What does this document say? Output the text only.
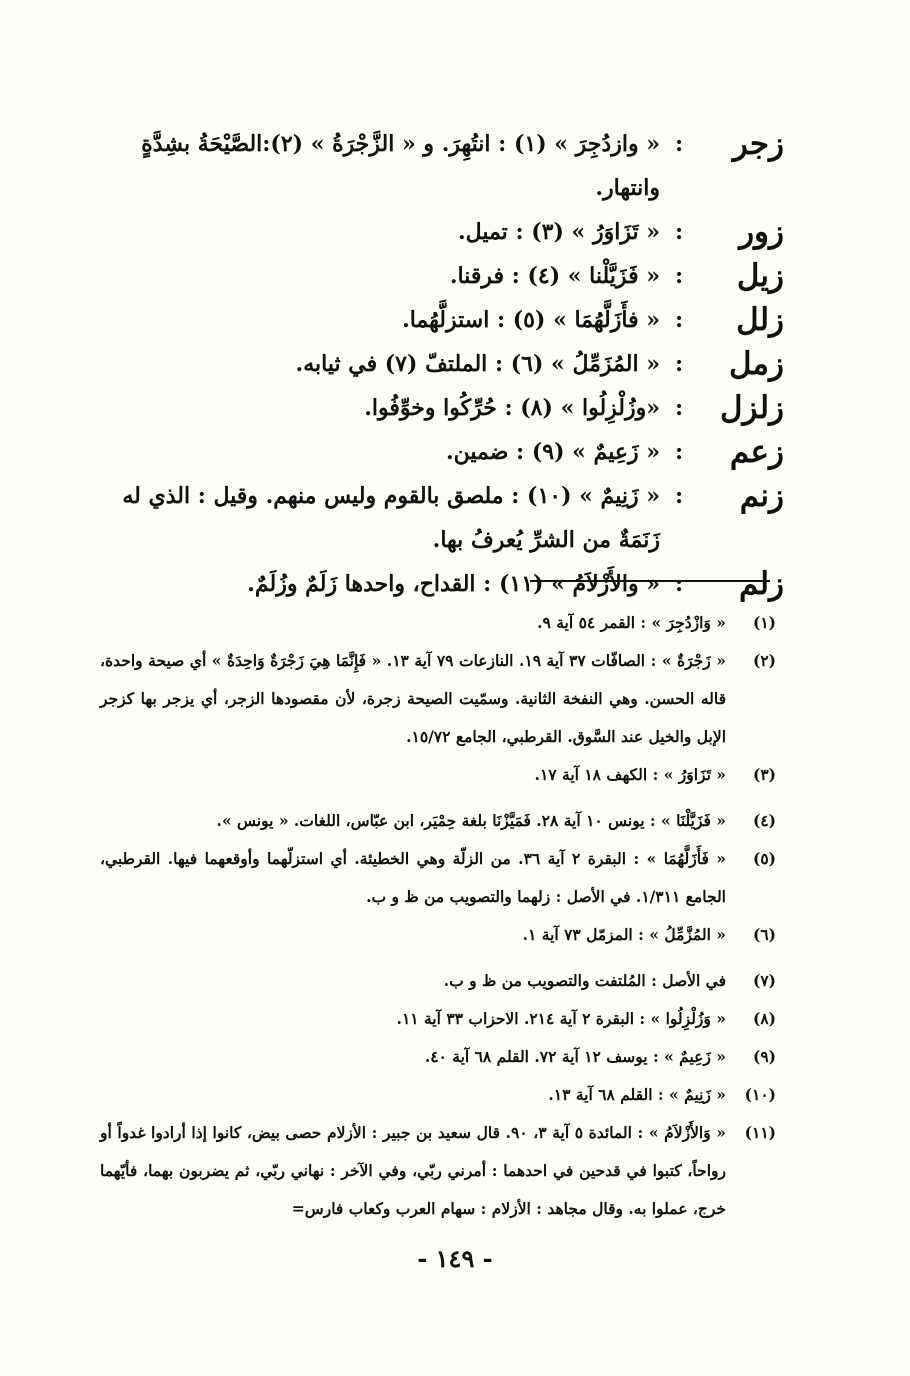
زجر
:
« وازدُجِرَ » (١) : انتُهِرَ. و « الزَّجْرَةُ » (٢):الصَّيْحَةُ بشِدَّةٍ وانتهار.
زور
:
« تَزَاوَرُ » (٣) : تميل.
زيل
:
« فَزَيَّلْنا » (٤) : فرقنا.
زلل
:
« فأَزَلَّهُمَا » (٥) : استزلَّهُما.
زمل
:
« المُزَمِّلُ » (٦) : الملتفّ (٧) في ثيابه.
زلزل
:
«وزُلْزِلُوا » (٨) : حُرِّكُوا وخوِّفُوا.
زعم
:
« زَعِيمٌ » (٩) : ضمين.
زنم
:
« زَنِيمٌ » (١٠) : ملصق بالقوم وليس منهم. وقيل : الذي له زَنَمَةٌ من الشرِّ يُعرفُ بها.
زلم
:
« والأَزْلاَمُ » (١١) : القداح، واحدها زَلَمٌ وزُلَمٌ.
(١)
« وَازْدُجِرَ » : القمر ٥٤ آية ٩.
(٢)
« زَجْرَةٌ » : الصافّات ٣٧ آية ١٩. النازعات ٧٩ آية ١٣. « فَإِنَّمَا هِيَ زَجْرَةٌ وَاحِدَةٌ » أي صيحة واحدة، قاله الحسن. وهي النفخة الثانية. وسمّيت الصيحة زجرة، لأن مقصودها الزجر، أي يزجر بها كزجر الإبل والخيل عند السَّوق. القرطبي، الجامع ١٥/٧٢.
(٣)
« تَزَاوَرُ » : الكهف ١٨ آية ١٧.
(٤)
« فَزَيَّلْنَا » : يونس ١٠ آية ٢٨. فَمَيَّزْنَا بلغة حِمْيَر، ابن عبّاس، اللغات. « يونس ».
(٥)
« فَأَزَلَّهُمَا » : البقرة ٢ آية ٣٦. من الزلّة وهي الخطيئة. أي استزلّهما وأوقعهما فيها. القرطبي، الجامع ١/٣١١. في الأصل : زلهما والتصويب من ظ و ب.
(٦)
« المُزَّمِّلُ » : المزمّل ٧٣ آية ١.
(٧)
في الأصل : المُلتفت والتصويب من ظ و ب.
(٨)
« وَزُلْزِلُوا » : البقرة ٢ آية ٢١٤. الاحزاب ٣٣ آية ١١.
(٩)
« زَعِيمٌ » : يوسف ١٢ آية ٧٢. القلم ٦٨ آية ٤٠.
(١٠)
« زَنِيمٌ » : القلم ٦٨ آية ١٣.
(١١)
« وَالأَزْلاَمُ » : المائدة ٥ آية ٣، ٩٠. قال سعيد بن جبير : الأزلام حصى بيض، كانوا إذا أرادوا غدواً أو رواحاً، كتبوا في قدحين في احدهما : أمرني ربّي، وفي الآخر : نهاني ربّي، ثم يضربون بهما، فأيّهما خرج، عملوا به. وقال مجاهد : الأزلام : سهام العرب وكعاب فارس=
- ١٤٩ -
